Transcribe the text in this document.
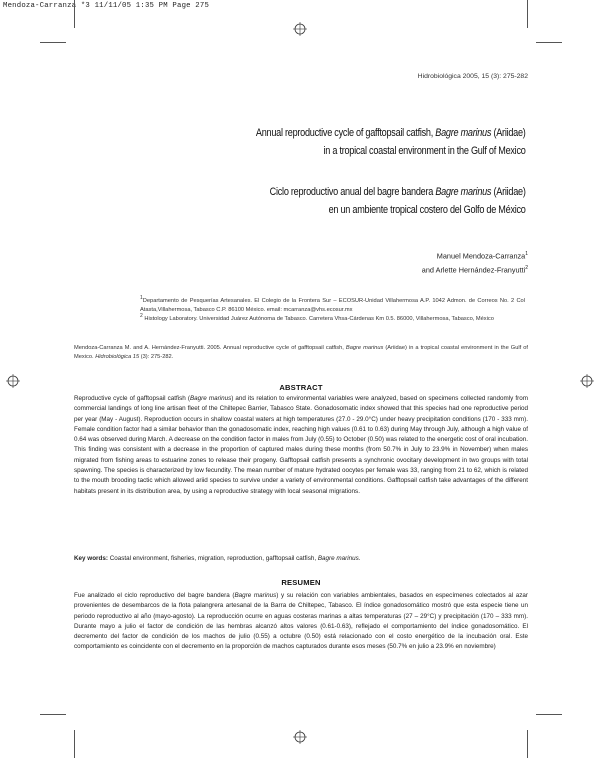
Mendoza-Carranza *3 11/11/05 1:35 PM Page 275
Hidrobiológica 2005, 15 (3): 275-282
Annual reproductive cycle of gafftopsail catfish, Bagre marinus (Ariidae)
in a tropical coastal environment in the Gulf of Mexico
Ciclo reproductivo anual del bagre bandera Bagre marinus (Ariidae)
en un ambiente tropical costero del Golfo de México
Manuel Mendoza-Carranza$^1$
and Arlette Hernández-Franyutti$^2$
$^1$Departamento de Pesquerías Artesanales. El Colegio de la Frontera Sur – ECOSUR-Unidad Villahermosa A.P. 1042 Admon. de Correos No. 2 Col Atasta,Villahermosa, Tabasco C.P. 86100 México. email: mcarranza@vhs.ecosur.mx
$^2$ Histology Laboratory. Universidad Juárez Autónoma de Tabasco. Carretera Vhsa-Cárdenas Km 0.5. 86000, Villahermosa, Tabasco, México
Mendoza-Carranza M. and A. Hernández-Franyutti. 2005. Annual reproductive cycle of gafftopsail catfish, Bagre marinus (Ariidae) in a tropical coastal environment in the Gulf of Mexico. Hidrobiológica 15 (3): 275-282.
ABSTRACT
Reproductive cycle of gafftopsail catfish (Bagre marinus) and its relation to environmental variables were analyzed, based on specimens collected randomly from commercial landings of long line artisan fleet of the Chiltepec Barrier, Tabasco State. Gonadosomatic index showed that this species had one reproductive period per year (May - August). Reproduction occurs in shallow coastal waters at high temperatures (27.0 - 29.0°C) under heavy precipitation conditions (170 - 333 mm). Female condition factor had a similar behavior than the gonadosomatic index, reaching high values (0.61 to 0.63) during May through July, although a high value of 0.64 was observed during March. A decrease on the condition factor in males from July (0.55) to October (0.50) was related to the energetic cost of oral incubation. This finding was consistent with a decrease in the proportion of captured males during these months (from 50.7% in July to 23.9% in November) when males migrated from fishing areas to estuarine zones to release their progeny. Gafftopsail catfish presents a synchronic ovocitary development in two groups with total spawning. The species is characterized by low fecundity. The mean number of mature hydrated oocytes per female was 33, ranging from 21 to 62, which is related to the mouth brooding tactic which allowed ariid species to survive under a variety of environmental conditions. Gafftopsail catfish take advantages of the different habitats present in its distribution area, by using a reproductive strategy with local seasonal migrations.
Key words: Coastal environment, fisheries, migration, reproduction, gafftopsail catfish, Bagre marinus.
RESUMEN
Fue analizado el ciclo reproductivo del bagre bandera (Bagre marinus) y su relación con variables ambientales, basados en especímenes colectados al azar provenientes de desembarcos de la flota palangrera artesanal de la Barra de Chiltepec, Tabasco. El índice gonadosomático mostró que esta especie tiene un periodo reproductivo al año (mayo-agosto). La reproducción ocurre en aguas costeras marinas a altas temperaturas (27 – 29°C) y precipitación (170 – 333 mm). Durante mayo a julio el factor de condición de las hembras alcanzó altos valores (0.61-0.63), reflejado el comportamiento del índice gonadosomático. El decremento del factor de condición de los machos de julio (0.55) a octubre (0.50) está relacionado con el costo energético de la incubación oral. Este comportamiento es coincidente con el decremento en la proporción de machos capturados durante esos meses (50.7% en julio a 23.9% en noviembre)
